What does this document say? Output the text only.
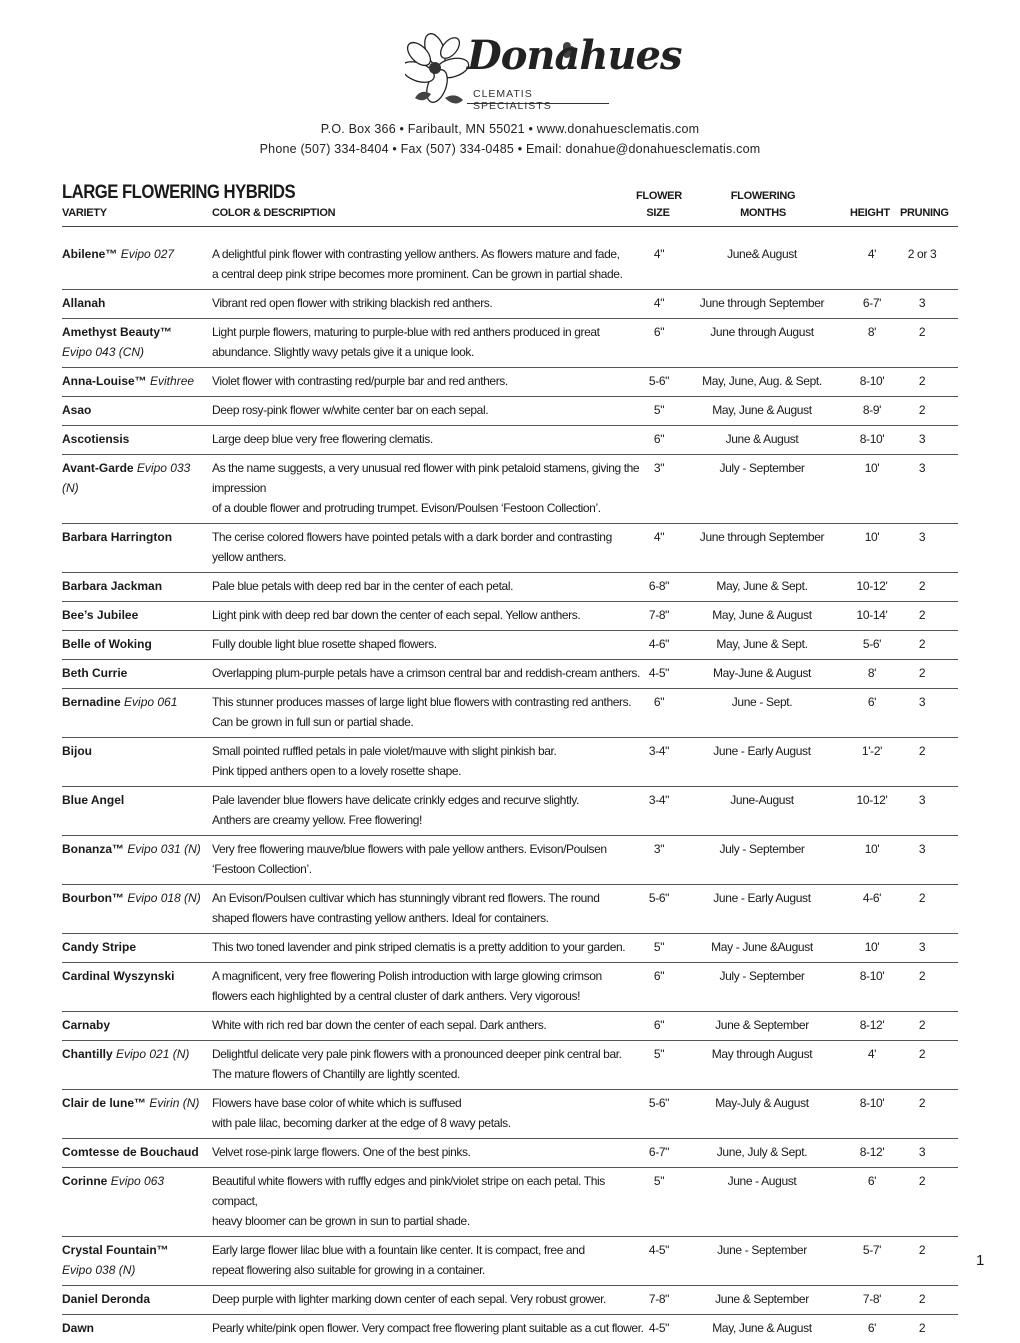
Donahues
CLEMATIS SPECIALISTS
P.O. Box 366 • Faribault, MN 55021 • www.donahuesclematis.com
Phone (507) 334-8404 • Fax (507) 334-0485 • Email: donahue@donahuesclematis.com
LARGE FLOWERING HYBRIDS
VARIETY	COLOR & DESCRIPTION
FLOWER
SIZE
FLOWERING
MONTHS	HEIGHT PRUNING
Abilene™ Evipo 027	A delightful pink flower with contrasting yellow anthers. As flowers mature and fade,
a central deep pink stripe becomes more prominent. Can be grown in partial shade.
4"	June& August	4'	2 or 3
Allanah	Vibrant red open flower with striking blackish red anthers.	4"	June through September	6-7'	3
Amethyst Beauty™
Evipo 043 (CN)
Light purple flowers, maturing to purple-blue with red anthers produced in great
abundance. Slightly wavy petals give it a unique look.
6"	June through August	8'	2
Anna-Louise™ Evithree Violet flower with contrasting red/purple bar and red anthers.	5-6"	May, June, Aug. & Sept.	8-10'	2
Asao	Deep rosy-pink flower w/white center bar on each sepal.	5"	May, June & August	8-9'	2
Ascotiensis	Large deep blue very free flowering clematis.	6"	June & August	8-10'	3
Avant-Garde Evipo 033 (N)
As the name suggests, a very unusual red flower with pink petaloid stamens, giving the impression
of a double flower and protruding trumpet. Evison/Poulsen ‘Festoon Collection’.
3"	July - September	10'	3
Barbara Harrington	The cerise colored flowers have pointed petals with a dark border and contrasting
yellow anthers.
4"	June through September	10'	3
Barbara Jackman	Pale blue petals with deep red bar in the center of each petal.	6-8"	May, June & Sept.	10-12'	2
Bee’s Jubilee	Light pink with deep red bar down the center of each sepal. Yellow anthers.	7-8"	May, June & August	10-14'	2
Belle of Woking	Fully double light blue rosette shaped flowers.	4-6"	May, June & Sept.	5-6'	2
Beth Currie	Overlapping plum-purple petals have a crimson central bar and reddish-cream anthers. 4-5"	May-June & August	8'	2
Bernadine Evipo 061	This stunner produces masses of large light blue flowers with contrasting red anthers.
Can be grown in full sun or partial shade.
6"	June - Sept.	6'	3
Bijou	Small pointed ruffled petals in pale violet/mauve with slight pinkish bar.
Pink tipped anthers open to a lovely rosette shape.
3-4"	June - Early August	1'-2'	2
Blue Angel	Pale lavender blue flowers have delicate crinkly edges and recurve slightly.
Anthers are creamy yellow. Free flowering!
3-4"	June-August	10-12'	3
Bonanza™ Evipo 031 (N) Very free flowering mauve/blue flowers with pale yellow anthers. Evison/Poulsen ‘Festoon Collection’.
3"	July - September	10'	3
Bourbon™ Evipo 018 (N) An Evison/Poulsen cultivar which has stunningly vibrant red flowers. The round
shaped flowers have contrasting yellow anthers. Ideal for containers.
5-6"	June - Early August	4-6'	2
Candy Stripe	This two toned lavender and pink striped clematis is a pretty addition to your garden.	5"	May - June &August	10'	3
Cardinal Wyszynski	A magnificent, very free flowering Polish introduction with large glowing crimson
flowers each highlighted by a central cluster of dark anthers. Very vigorous!
6"	July - September	8-10'	2
Carnaby	White with rich red bar down the center of each sepal. Dark anthers.	6"	June & September	8-12'	2
Chantilly Evipo 021 (N) Delightful delicate very pale pink flowers with a pronounced deeper pink central bar.
The mature flowers of Chantilly are lightly scented.
5"	May through August	4'	2
Clair de lune™ Evirin (N) Flowers have base color of white which is suffused
with pale lilac, becoming darker at the edge of 8 wavy petals.
5-6"	May-July & August	8-10'	2
Comtesse de Bouchaud Velvet rose-pink large flowers. One of the best pinks.	6-7"	June, July & Sept.	8-12'	3
Corinne Evipo 063	Beautiful white flowers with ruffly edges and pink/violet stripe on each petal. This compact,
heavy bloomer can be grown in sun to partial shade.
5"	June - August	6'	2
Crystal Fountain™
Evipo 038 (N)
Early large flower lilac blue with a fountain like center. It is compact, free and
repeat flowering also suitable for growing in a container.
4-5"	June - September	5-7'	2
Daniel Deronda	Deep purple with lighter marking down center of each sepal. Very robust grower.	7-8"	June & September	7-8'	2
Dawn	Pearly white/pink open flower. Very compact free flowering plant suitable as a cut flower. 4-5"	May, June & August	6'	2
1
